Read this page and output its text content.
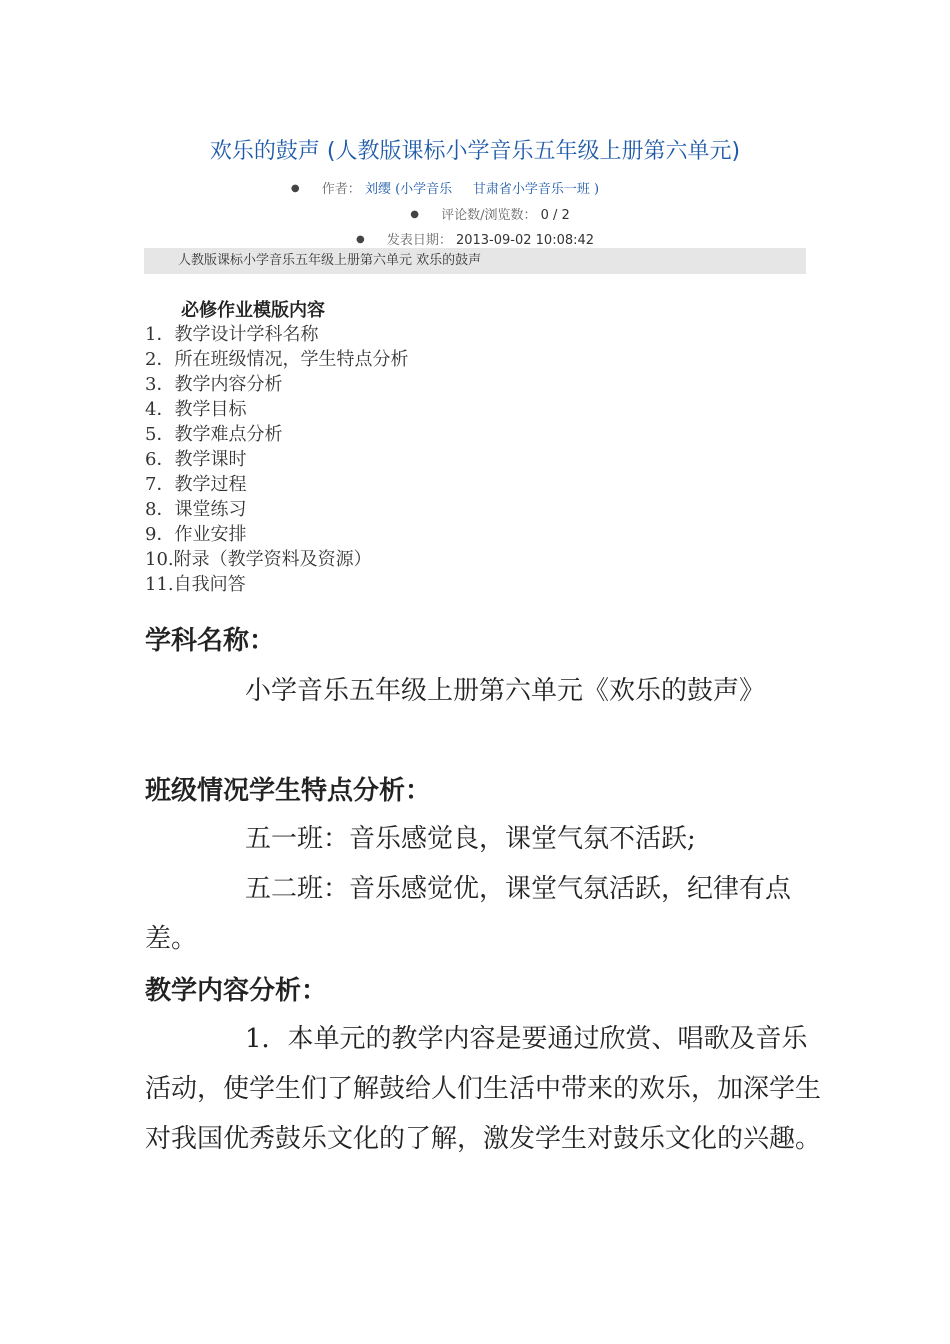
欢乐的鼓声 (人教版课标小学音乐五年级上册第六单元)
● 作者： 刘缨 (小学音乐 甘肃省小学音乐一班 )
● 评论数/浏览数： 0 / 2
● 发表日期： 2013-09-02 10:08:42
人教版课标小学音乐五年级上册第六单元 欢乐的鼓声
必修作业模版内容
1．教学设计学科名称
2．所在班级情况，学生特点分析
3．教学内容分析
4．教学目标
5．教学难点分析
6．教学课时
7．教学过程
8．课堂练习
9．作业安排
10.附录（教学资料及资源）
11.自我问答
学科名称：
小学音乐五年级上册第六单元《欢乐的鼓声》
班级情况学生特点分析：
五一班：音乐感觉良，课堂气氛不活跃;
五二班：音乐感觉优，课堂气氛活跃，纪律有点差。
教学内容分析：
1．本单元的教学内容是要通过欣赏、唱歌及音乐活动，使学生们了解鼓给人们生活中带来的欢乐，加深学生对我国优秀鼓乐文化的了解，激发学生对鼓乐文化的兴趣。
